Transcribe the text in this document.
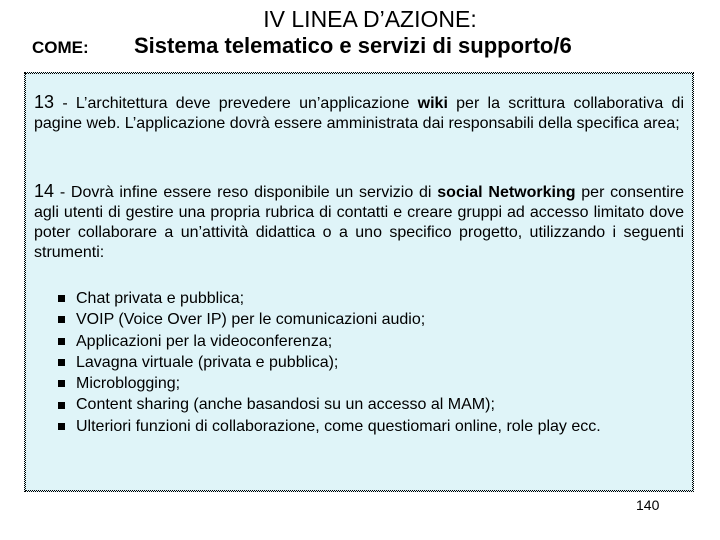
COME:
IV LINEA D’AZIONE:
Sistema telematico e servizi di supporto/6
13 - L’architettura deve prevedere un’applicazione wiki per la scrittura collaborativa di pagine web. L’applicazione dovrà essere amministrata dai responsabili della specifica area;
14 - Dovrà infine essere reso disponibile un servizio di social Networking per consentire agli utenti di gestire una propria rubrica di contatti e creare gruppi ad accesso limitato dove poter collaborare a un’attività didattica o a uno specifico progetto, utilizzando i seguenti strumenti:
Chat privata e pubblica;
VOIP (Voice Over IP) per le comunicazioni audio;
Applicazioni per la videoconferenza;
Lavagna virtuale (privata e pubblica);
Microblogging;
Content sharing (anche basandosi su un accesso al MAM);
Ulteriori funzioni di collaborazione, come questiomari online, role play ecc.
140
